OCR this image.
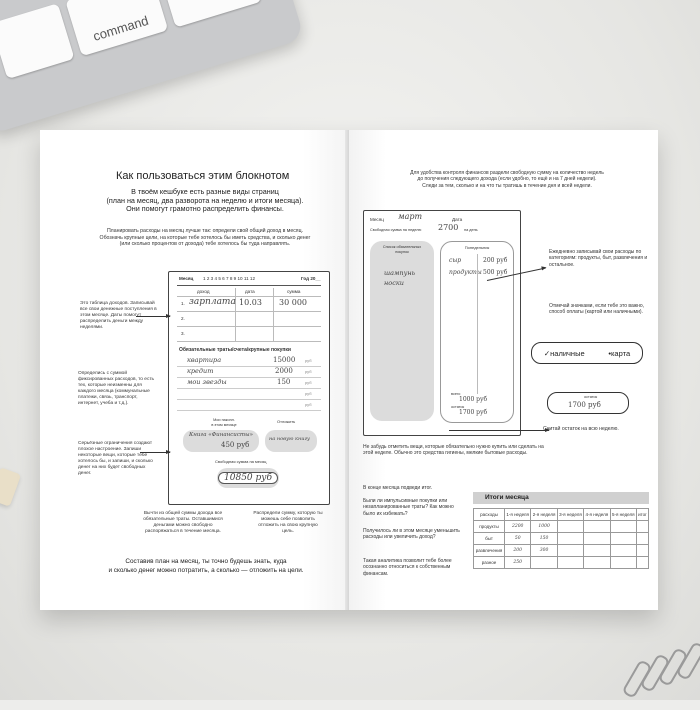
command
Как пользоваться этим блокнотом
В твоём кешбуке есть разные виды страниц
(план на месяц, два разворота на неделю и итоги месяца).
Они помогут грамотно распределить финансы.
Планировать расходы на месяц лучше так: определи свой общий доход в месяц.
Обозначь крупные цели, на которые тебе хотелось бы иметь средства, и сколько денег
(или сколько процентов от дохода) тебе хотелось бы туда направлять.
Месяц 1 2 3 4 5 6 7 8 9 10 11 12	Год 20__
доход	дата	сумма
1. зарплата 10.03 30 000
2.
3.
Обязательные траты/счета/крупные покупки
квартира	15000 руб
кредит	2000	руб
мои звезды	150	руб
руб
руб
Мои накопл.
в этом месяце
Отложить
Книга «Финансисты»
450 руб
на новую книгу
Свободная сумма на месяц
10850 руб
Это таблица доходов. Записывай все свои денежные поступления в этом месяце. Даты помогут распределить деньги между неделями.
Определись с суммой фиксированных расходов, то есть тех, которые неизменны для каждого месяца (коммунальные платежи, связь, транспорт, интернет, учеба и т.д.).
Серьёзные ограничения создают плохое настроение. Запиши некоторые вещи, которые тебе хотелось бы, и запиши, и сколько денег на них будет свободных денег.
Вычти из общей суммы дохода все обязательные траты. Оставшимися деньгами можно свободно распоряжаться в течение месяца.
Распредели сумму, которую ты можешь себе позволить отложить на свою крупную цель.
Составив план на месяц, ты точно будешь знать, куда
и сколько денег можно потратить, а сколько — отложить на цели.
Для удобства контроля финансов раздели свободную сумму на количество недель
до получения следующего дохода (если удобно, то ещё и на 7 дней недели).
Следи за тем, сколько и на что ты тратишь в течение дня и всей недели.
Месяц март	Дата
Свободная сумма на неделю 2700 на день
Список обязательных покупок
шампунь
носки
Понедельник
сыр	200 руб
продукты 500 руб
всего
1000 руб
остаток
1700 руб
Ежедневно записывай свои расходы по категориям: продукты, быт, развлечения и остальное.
Отмечай значками, если тебе это важно, способ оплаты (картой или наличными).
✓наличные	•карта
остаток
1700 руб
Считай остаток на всю неделю.
Не забудь отметить вещи, которые обязательно нужно купить или сделать на этой неделе. Обычно это средства гигиены, мелкие бытовые расходы.
В конце месяца подведи итог.
Были ли импульсивные покупки или незапланированные траты? Как можно было их избежать?
Получилось ли в этом месяце уменьшить расходы или увеличить доход?
Такая аналитика позволит тебе более осознанно относиться к собственным финансам.
Итоги месяца
расходы	1-я неделя	2-я неделя	3-я неделя	4-я неделя	5-я неделя	итог
продукты	2200	1000				
быт	50	150				
развлечения	200	300				
разное	250					
